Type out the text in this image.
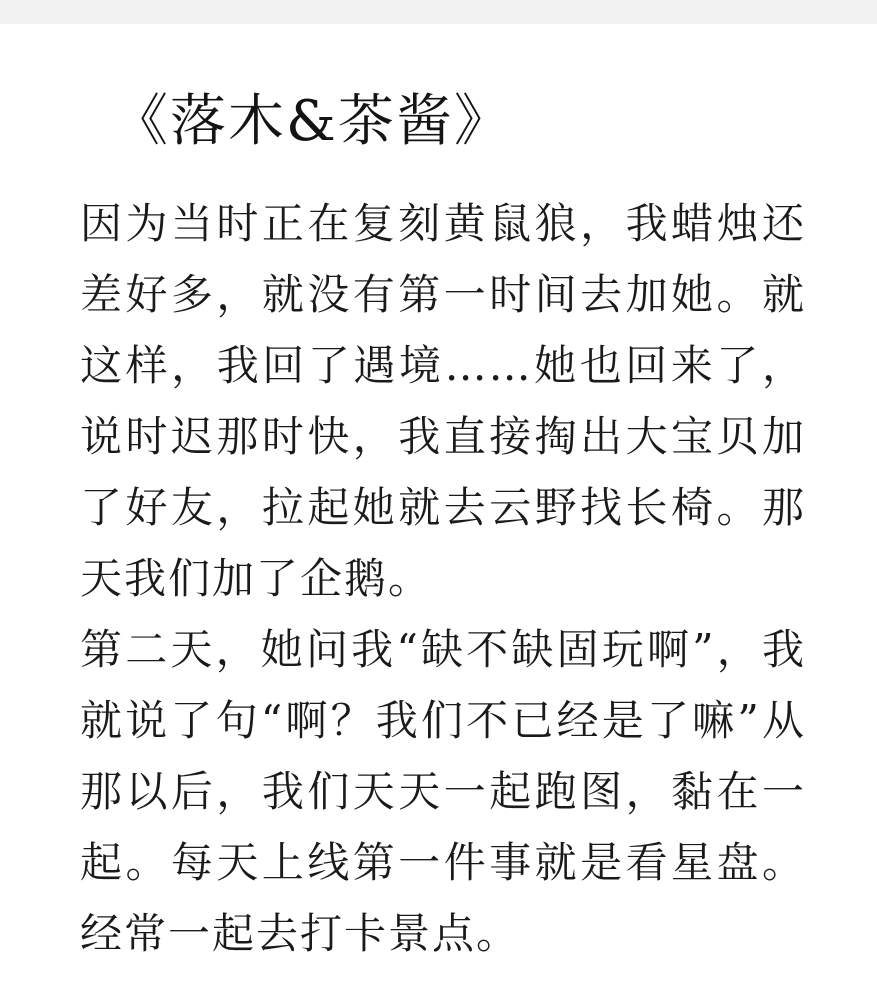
《落木&茶酱》

因为当时正在复刻黄鼠狼，我蜡烛还差好多，就没有第一时间去加她。就这样，我回了遇境……她也回来了，说时迟那时快，我直接掏出大宝贝加了好友，拉起她就去云野找长椅。那天我们加了企鹅。

第二天，她问我“缺不缺固玩啊”，我就说了句“啊？我们不已经是了嘛”从那以后，我们天天一起跑图，黏在一起。每天上线第一件事就是看星盘。经常一起去打卡景点。
